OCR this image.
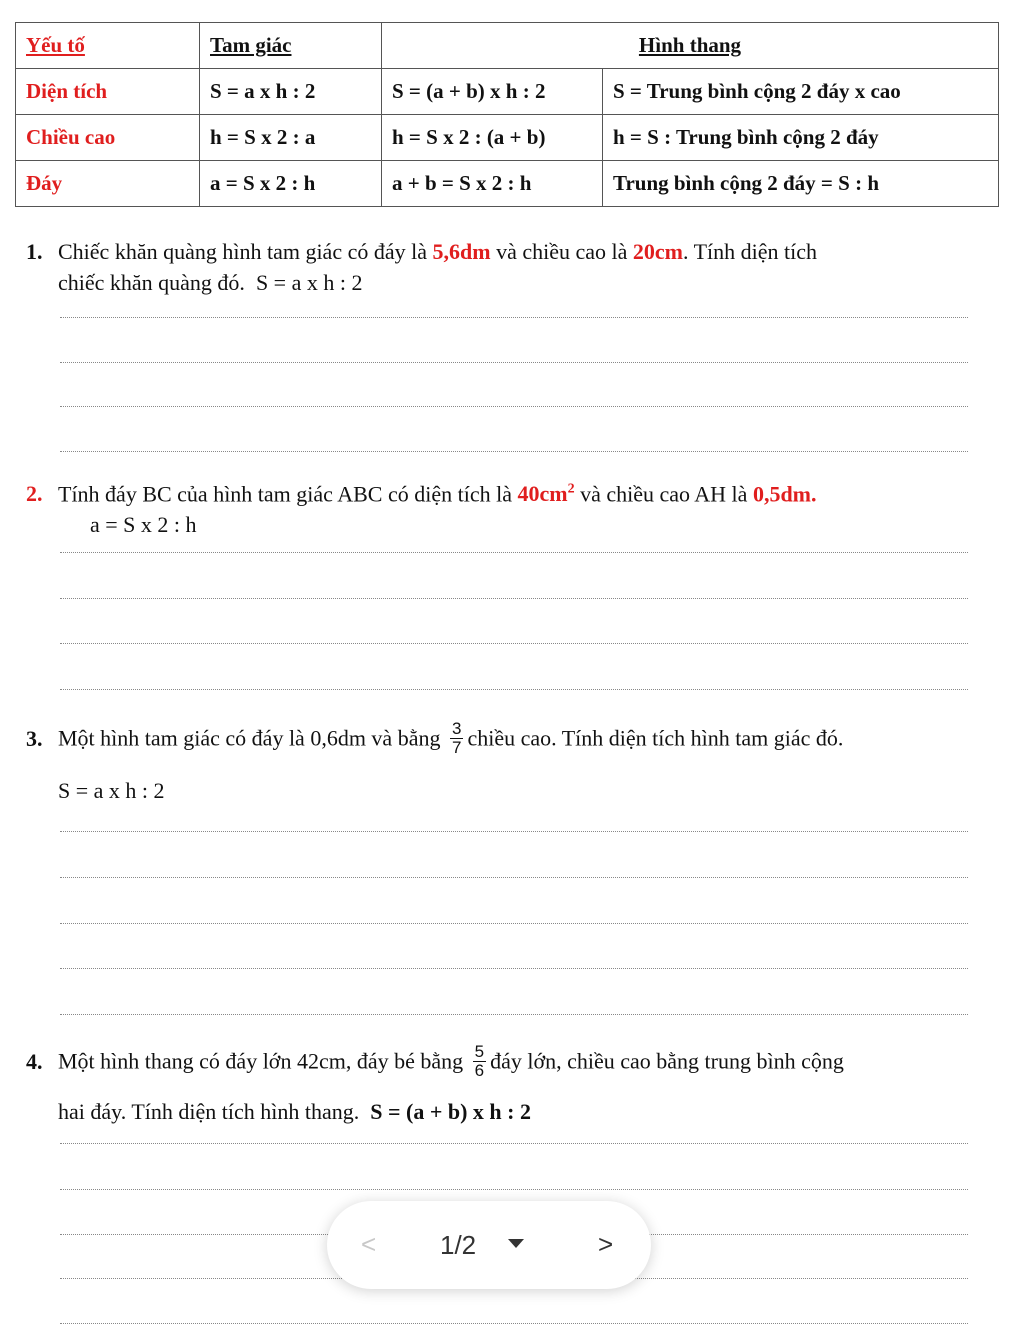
Yếu tố	Tam giác	Hình thang	
Diện tích	S = a x h : 2	S = (a + b) x h : 2	S = Trung bình cộng 2 đáy x cao
Chiều cao	h = S x 2 : a	h = S x 2 : (a + b)	h = S : Trung bình cộng 2 đáy
Đáy	a = S x 2 : h	a + b = S x 2 : h	Trung bình cộng 2 đáy = S : h
1. Chiếc khăn quàng hình tam giác có đáy là 5,6dm và chiều cao là 20cm. Tính diện tích
chiếc khăn quàng đó. S = a x h : 2
2. Tính đáy BC của hình tam giác ABC có diện tích là $40cm^2$ và chiều cao AH là 0,5dm.
a = S x 2 : h
3. Một hình tam giác có đáy là 0,6dm và bằng $\frac{3}{7}$ chiều cao. Tính diện tích hình tam giác đó.
S = a x h : 2
4. Một hình thang có đáy lớn 42cm, đáy bé bằng $\frac{5}{6}$ đáy lớn, chiều cao bằng trung bình cộng
hai đáy. Tính diện tích hình thang. S = (a + b) x h : 2
< 1/2	>
